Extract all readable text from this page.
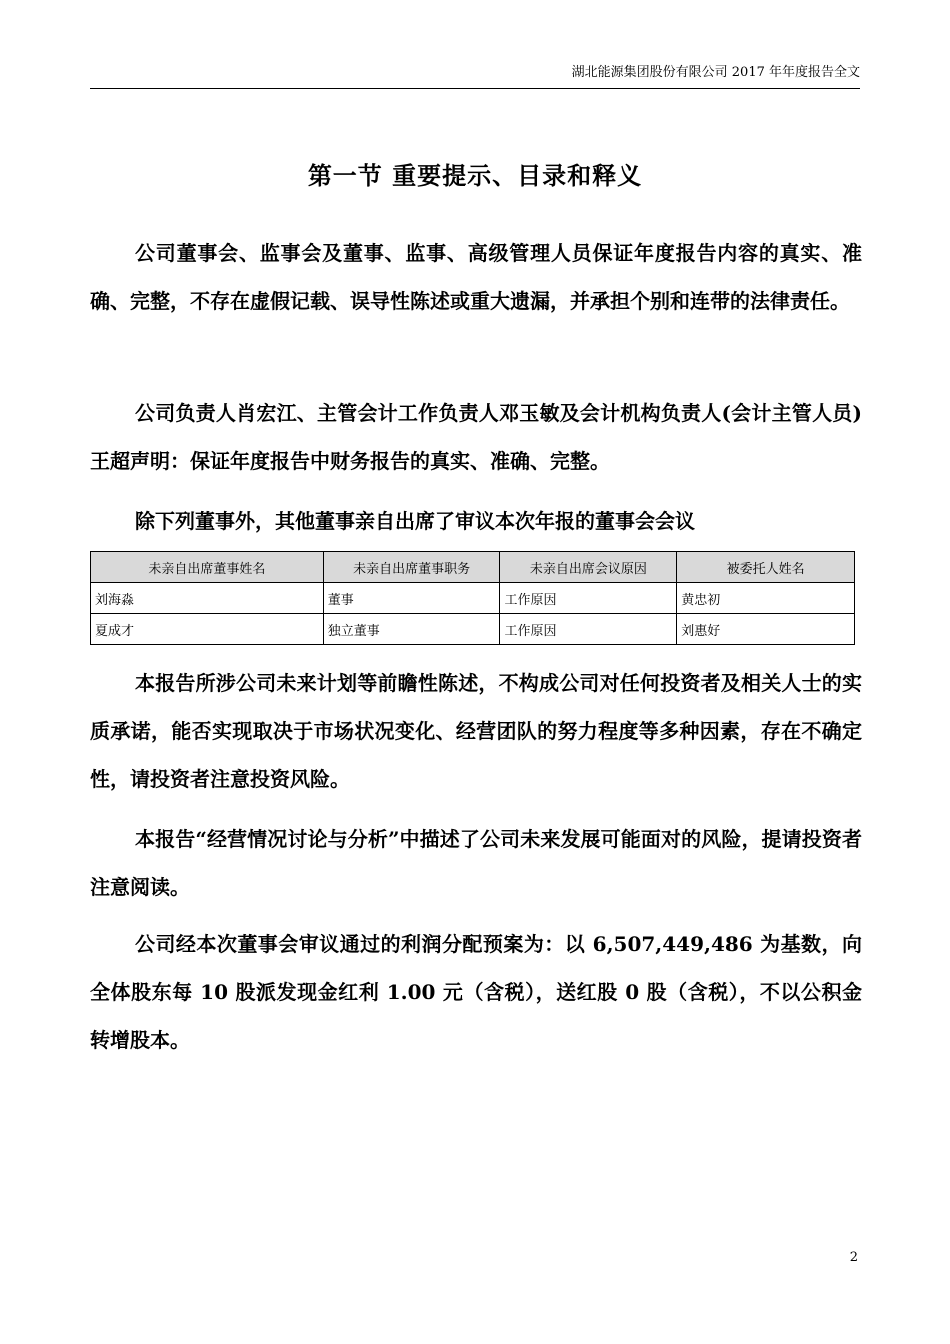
湖北能源集团股份有限公司 2017 年年度报告全文
第一节 重要提示、目录和释义

公司董事会、监事会及董事、监事、高级管理人员保证年度报告内容的真实、准确、完整，不存在虚假记载、误导性陈述或重大遗漏，并承担个别和连带的法律责任。

公司负责人肖宏江、主管会计工作负责人邓玉敏及会计机构负责人(会计主管人员)王超声明：保证年度报告中财务报告的真实、准确、完整。

除下列董事外，其他董事亲自出席了审议本次年报的董事会会议

未亲自出席董事姓名	未亲自出席董事职务	未亲自出席会议原因	被委托人姓名
刘海淼	董事	工作原因	黄忠初
夏成才	独立董事	工作原因	刘惠好

本报告所涉公司未来计划等前瞻性陈述，不构成公司对任何投资者及相关人士的实质承诺，能否实现取决于市场状况变化、经营团队的努力程度等多种因素，存在不确定性，请投资者注意投资风险。

本报告“经营情况讨论与分析”中描述了公司未来发展可能面对的风险，提请投资者注意阅读。

公司经本次董事会审议通过的利润分配预案为：以 6,507,449,486 为基数，向全体股东每 10 股派发现金红利 1.00 元（含税），送红股 0 股（含税），不以公积金转增股本。

2
